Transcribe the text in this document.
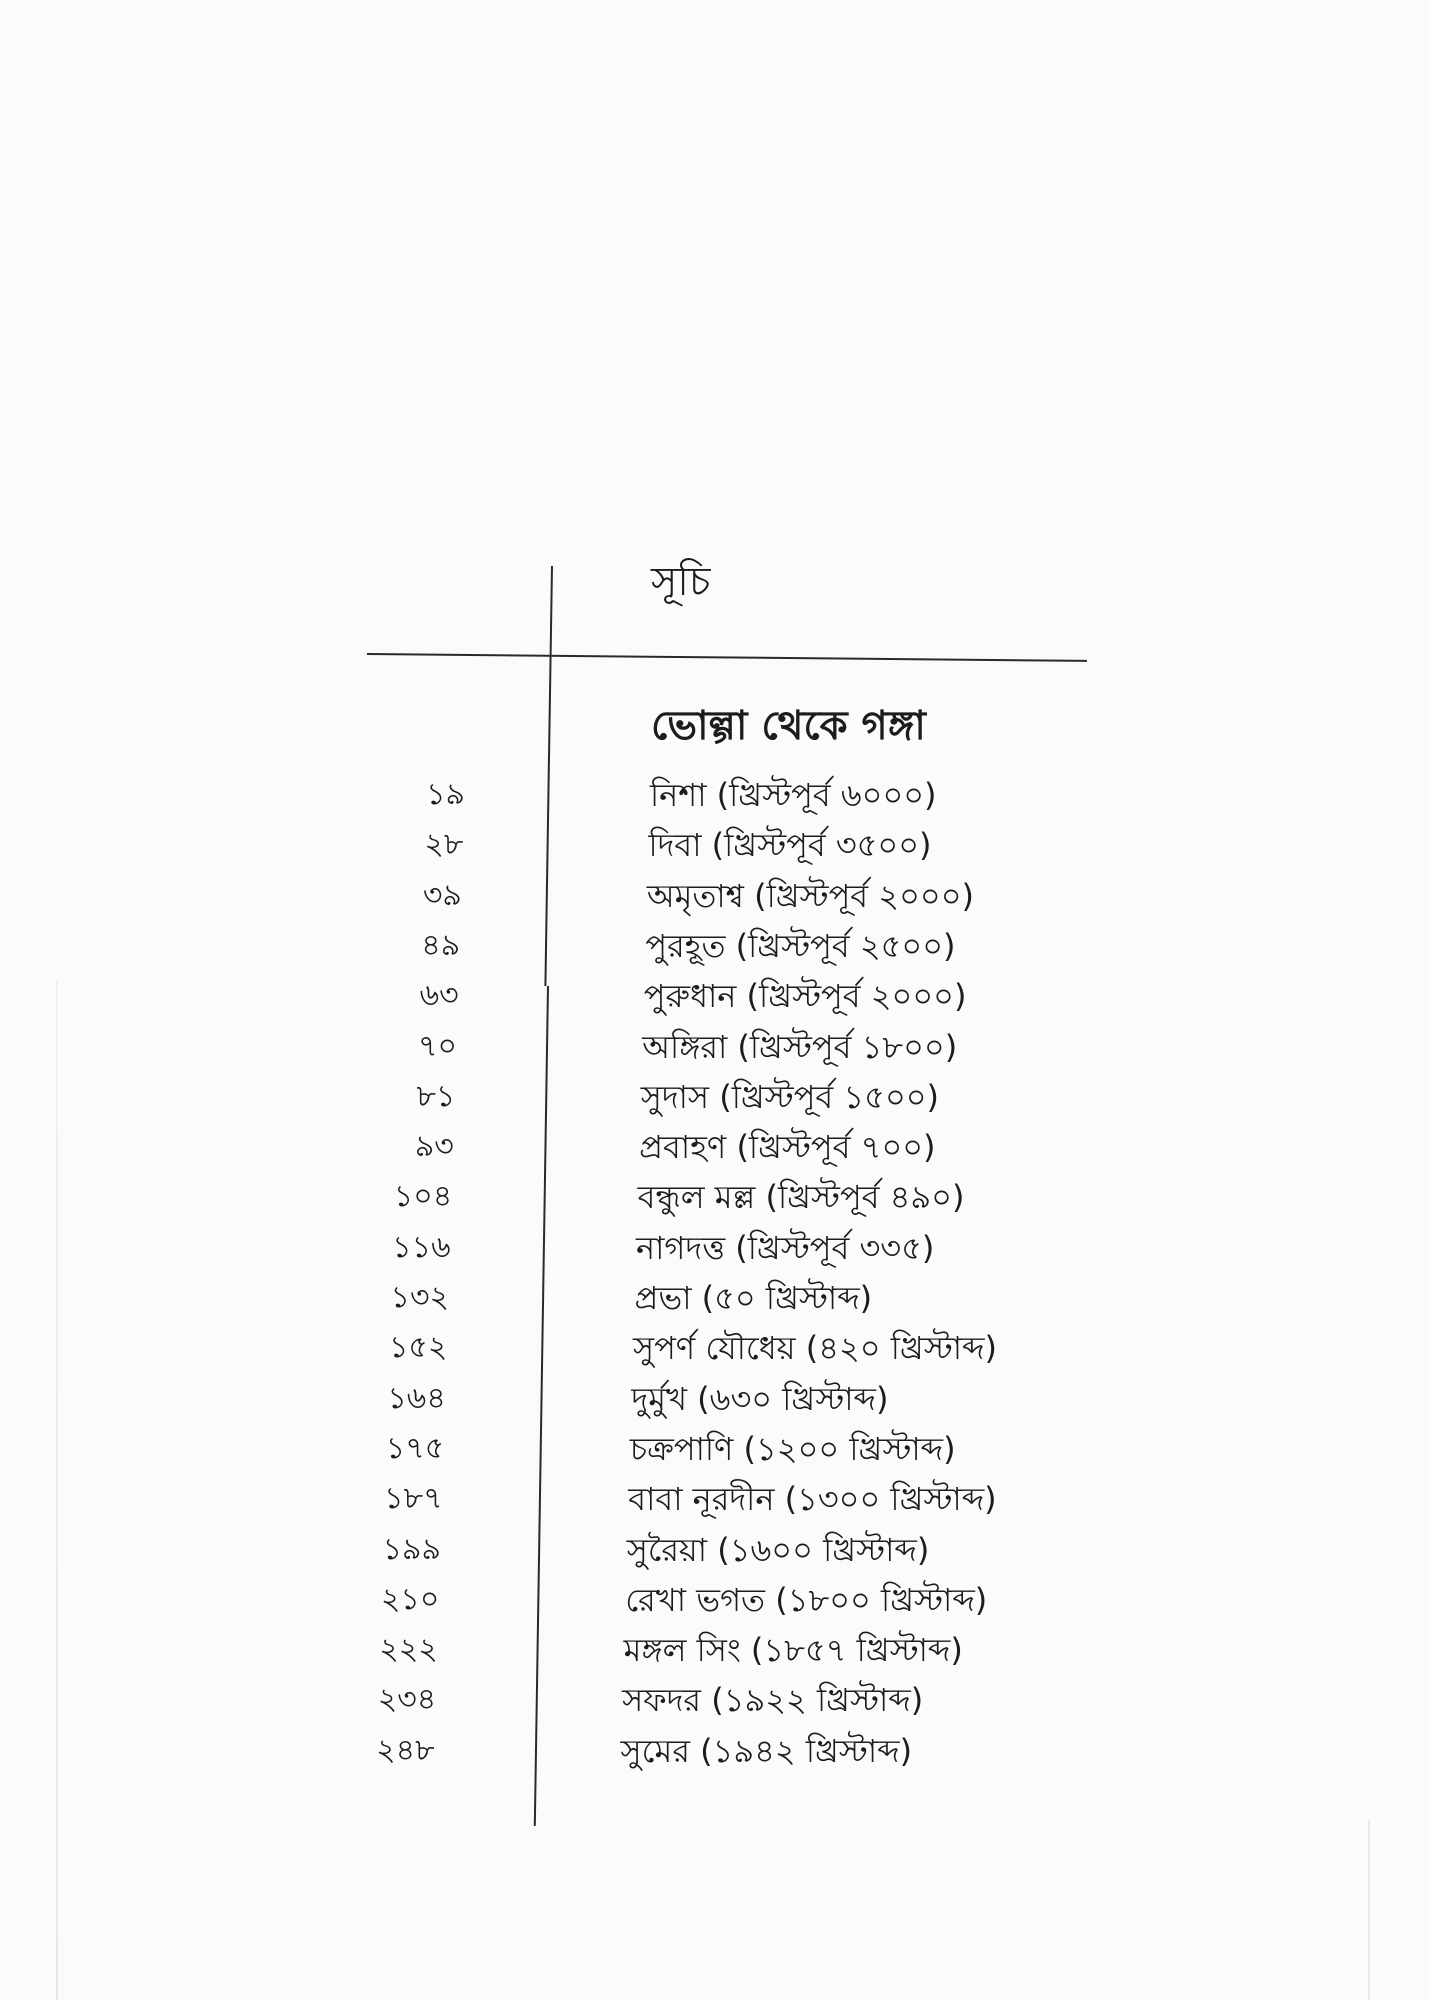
সূচি
ভোল্গা থেকে গঙ্গা
১৯	নিশা (খ্রিস্টপূর্ব ৬০০০)
২৮	দিবা (খ্রিস্টপূর্ব ৩৫০০)
৩৯	অমৃতাশ্ব (খ্রিস্টপূর্ব ২০০০)
৪৯	পুরহূত (খ্রিস্টপূর্ব ২৫০০)
৬৩	পুরুধান (খ্রিস্টপূর্ব ২০০০)
৭০	অঙ্গিরা (খ্রিস্টপূর্ব ১৮০০)
৮১	সুদাস (খ্রিস্টপূর্ব ১৫০০)
৯৩	প্রবাহণ (খ্রিস্টপূর্ব ৭০০)
১০৪	বন্ধুল মল্ল (খ্রিস্টপূর্ব ৪৯০)
১১৬	নাগদত্ত (খ্রিস্টপূর্ব ৩৩৫)
১৩২	প্রভা (৫০ খ্রিস্টাব্দ)
১৫২	সুপর্ণ যৌধেয় (৪২০ খ্রিস্টাব্দ)
১৬৪	দুর্মুখ (৬৩০ খ্রিস্টাব্দ)
১৭৫	চক্রপাণি (১২০০ খ্রিস্টাব্দ)
১৮৭	বাবা নূরদীন (১৩০০ খ্রিস্টাব্দ)
১৯৯	সুরৈয়া (১৬০০ খ্রিস্টাব্দ)
২১০	রেখা ভগত (১৮০০ খ্রিস্টাব্দ)
২২২	মঙ্গল সিং (১৮৫৭ খ্রিস্টাব্দ)
২৩৪	সফদর (১৯২২ খ্রিস্টাব্দ)
২৪৮	সুমের (১৯৪২ খ্রিস্টাব্দ)
